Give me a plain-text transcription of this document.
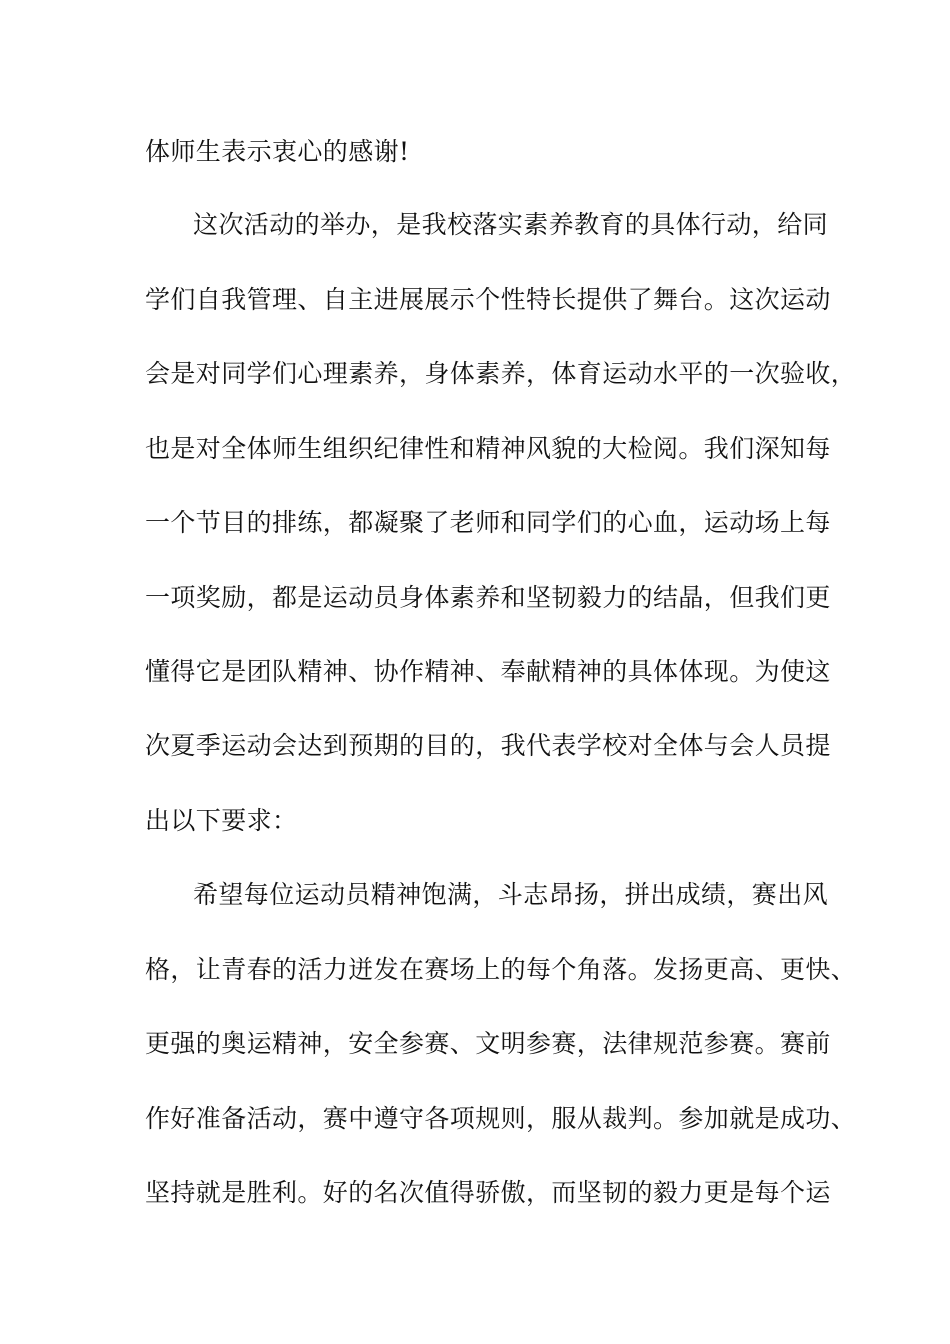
体师生表示衷心的感谢!
这次活动的举办，是我校落实素养教育的具体行动，给同
学们自我管理、自主进展展示个性特长提供了舞台。这次运动
会是对同学们心理素养，身体素养，体育运动水平的一次验收，
也是对全体师生组织纪律性和精神风貌的大检阅。我们深知每
一个节目的排练，都凝聚了老师和同学们的心血，运动场上每
一项奖励，都是运动员身体素养和坚韧毅力的结晶，但我们更
懂得它是团队精神、协作精神、奉献精神的具体体现。为使这
次夏季运动会达到预期的目的，我代表学校对全体与会人员提
出以下要求：
希望每位运动员精神饱满，斗志昂扬，拼出成绩，赛出风
格，让青春的活力迸发在赛场上的每个角落。发扬更高、更快、
更强的奥运精神，安全参赛、文明参赛，法律规范参赛。赛前
作好准备活动，赛中遵守各项规则，服从裁判。参加就是成功、
坚持就是胜利。好的名次值得骄傲，而坚韧的毅力更是每个运
